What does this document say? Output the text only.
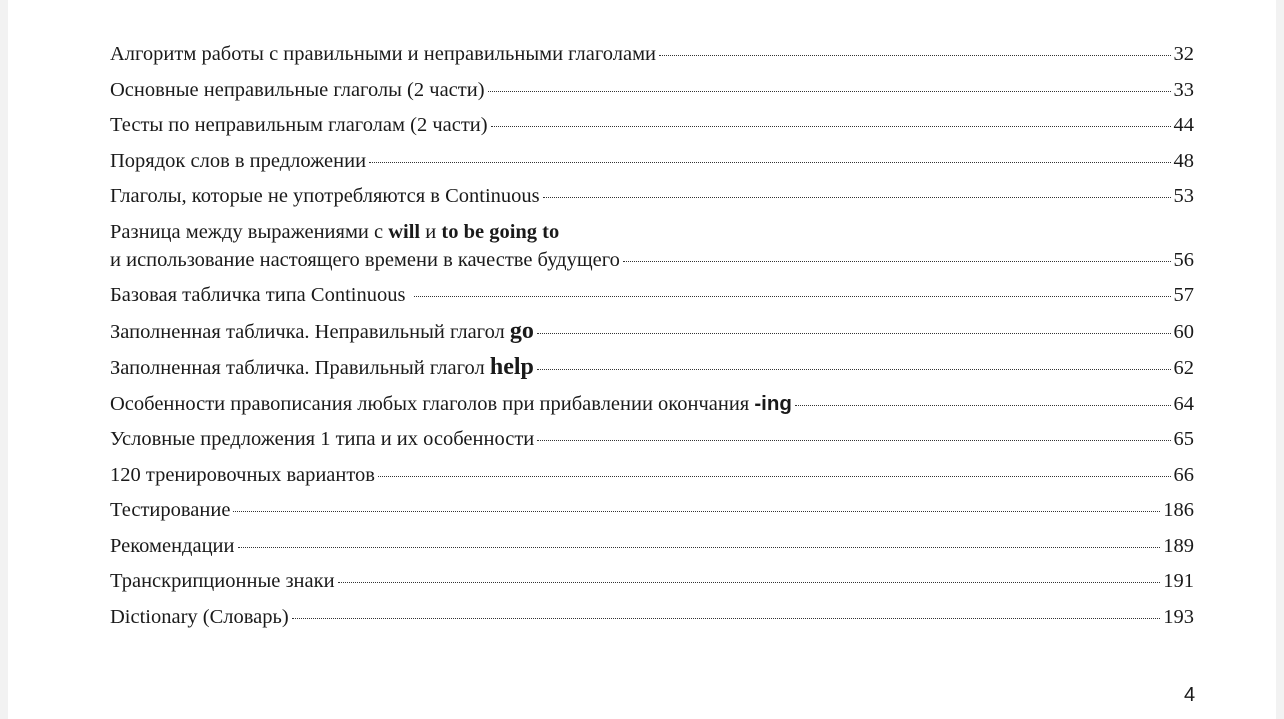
Алгоритм работы с правильными и неправильными глаголами	32
Основные неправильные глаголы (2 части)	33
Тесты по неправильным глаголам (2 части)	44
Порядок слов в предложении	48
Глаголы, которые не употребляются в Continuous	53
Разница между выражениями с will и to be going to
и использование настоящего времени в качестве будущего	56
Базовая табличка типа Continuous	57
Заполненная табличка. Неправильный глагол go	60
Заполненная табличка. Правильный глагол help	62
Особенности правописания любых глаголов при прибавлении окончания -ing	64
Условные предложения 1 типа и их особенности	65
120 тренировочных вариантов	66
Тестирование	186
Рекомендации	189
Транскрипционные знаки	191
Dictionary (Словарь)	193
4
